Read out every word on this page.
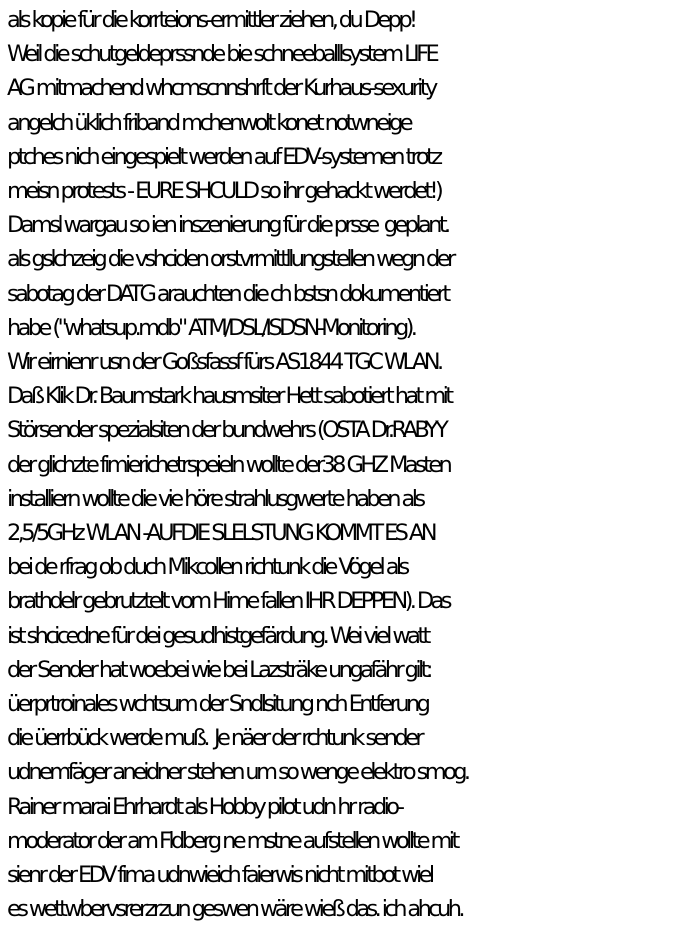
als kopie für die korrteions-ermittler ziehen, du Depp!
Weil die schutgeldeprssnde bie schneeballlsystem LIFE
AG mitmachend whcmscnnshrft der Kurhaus-sexurity
angelch üklich friband mchenwolt konet notwneige
ptches nich eingespielt werden auf EDV-systemen trotz
meisn protests - EURE SHCULD so ihr gehackt werdet!)
Damsl wargau so ien inszenierung für die prsse  geplant.
als gslchzeig die vshciden orstvrmittllungstellen wegn der
sabotag der DATG arauchten die ch bstsn dokumentiert
habe ("whatsup.mdb" ATM/DSL/ISDSN-Monitoring).
Wir eirnienr usn der Goßsfassf fürs AS1844 TGC WLAN.
Daß Klik Dr. Baumstark hausmsiter Hett sabotiert hat mit
Störsender spezialsiten der bundwehrs (OSTA Dr.RABYY
der glichzte fimierichetrspeieln wollte der38 GHZ Masten
installiern wollte die vie höre strahlusgwerte haben als
2,5/5GHz WLAN -AUFDIE SLELSTUNG KOMMT ES AN
bei de rfrag ob duch Mikcollen richtunk die Vögel als
brathdelr gebrutztelt vom Hime fallen IHR DEPPEN). Das
ist shcicedne für dei gesudhistgefärdung. Wei viel watt
der Sender hat woebei wie bei Lazsträke ungafähr gilt:
üerprtroinales wchtsum der Sndlsitung nch Entferung
die üerrbück werde muß.  Je näer der rchtunk sender
udnemfäger aneidner stehen um so wenge elektro smog.
Rainer marai Ehrhardt als Hobby pilot udn hr radio-
moderator der am Fldberg ne mstne aufstellen wollte mit
sienr der EDV fima udnwieich faierwis nicht mitbot wiel
es wettwbervsrerzrzun geswen wäre wieß das. ich ahcuh.
